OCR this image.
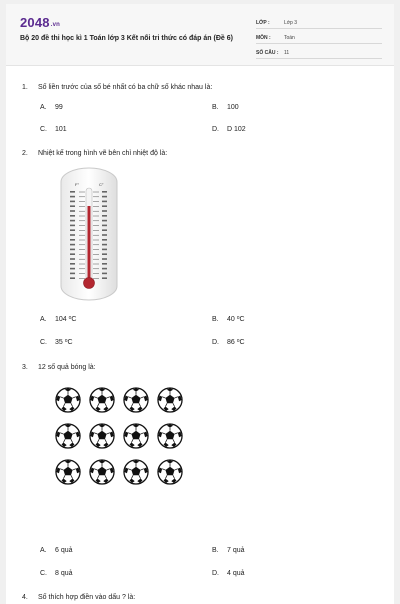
2048.vn
Bộ 20 đề thi học kì 1 Toán lớp 3 Kết nối tri thức có đáp án (Đề 6)
LỚP :	Lớp 3
MÔN :	Toán
SỐ CÂU : 11
1. Số liền trước của số bé nhất có ba chữ số khác nhau là:
A. 99	B. 100
C. 101	D. D 102
2. Nhiệt kế trong hình vẽ bên chỉ nhiệt độ là:
F°	C°
A. 104 $^o$C	B. 40 $^o$C
C. 35 $^o$C	D. 86 $^o$C
3. 12 số quả bóng là:
A. 6 quả	B. 7 quả
C. 8 quả	D. 4 quả
4. Số thích hợp điền vào dấu ? là:
